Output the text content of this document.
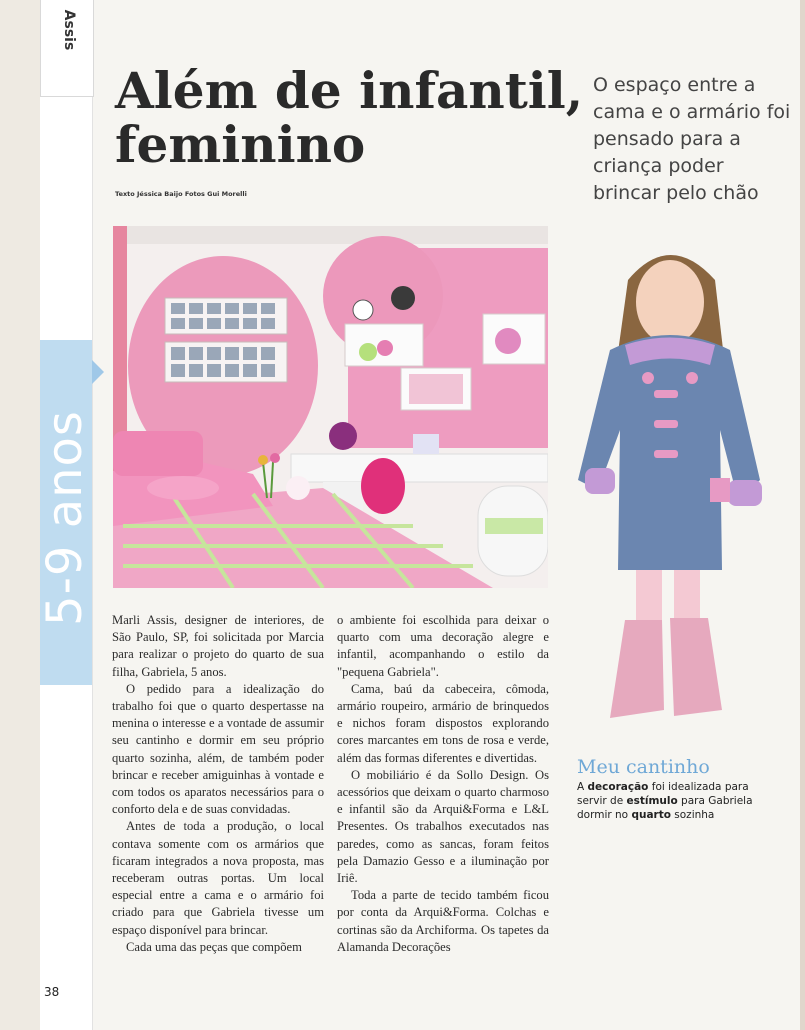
Assis
5-9 anos
Além de infantil,
feminino
O espaço entre a cama e o armário foi pensado para a criança poder brincar pelo chão
Texto Jéssica Baijo Fotos Gui Morelli

Marli Assis, designer de interiores, de São Paulo, SP, foi solicitada por Marcia para realizar o projeto do quarto de sua filha, Gabriela, 5 anos.

O pedido para a idealização do trabalho foi que o quarto despertasse na menina o interesse e a vontade de assumir seu cantinho e dormir em seu próprio quarto sozinha, além, de também poder brincar e receber amiguinhas à vontade e com todos os aparatos necessários para o conforto dela e de suas convidadas.

Antes de toda a produção, o local contava somente com os armários que ficaram integrados a nova proposta, mas receberam outras portas. Um local especial entre a cama e o armário foi criado para que Gabriela tivesse um espaço disponível para brincar.

Cada uma das peças que compõem

o ambiente foi escolhida para deixar o quarto com uma decoração alegre e infantil, acompanhando o estilo da "pequena Gabriela".

Cama, baú da cabeceira, cômoda, armário roupeiro, armário de brinquedos e nichos foram dispostos explorando cores marcantes em tons de rosa e verde, além das formas diferentes e divertidas.

O mobiliário é da Sollo Design. Os acessórios que deixam o quarto charmoso e infantil são da Arqui&Forma e L&L Presentes. Os trabalhos executados nas paredes, como as sancas, foram feitos pela Damazio Gesso e a iluminação por Iriê.

Toda a parte de tecido também ficou por conta da Arqui&Forma. Colchas e cortinas são da Archiforma. Os tapetes da Alamanda Decorações

Meu cantinho
A decoração foi idealizada para servir de estímulo para Gabriela dormir no quarto sozinha
38
